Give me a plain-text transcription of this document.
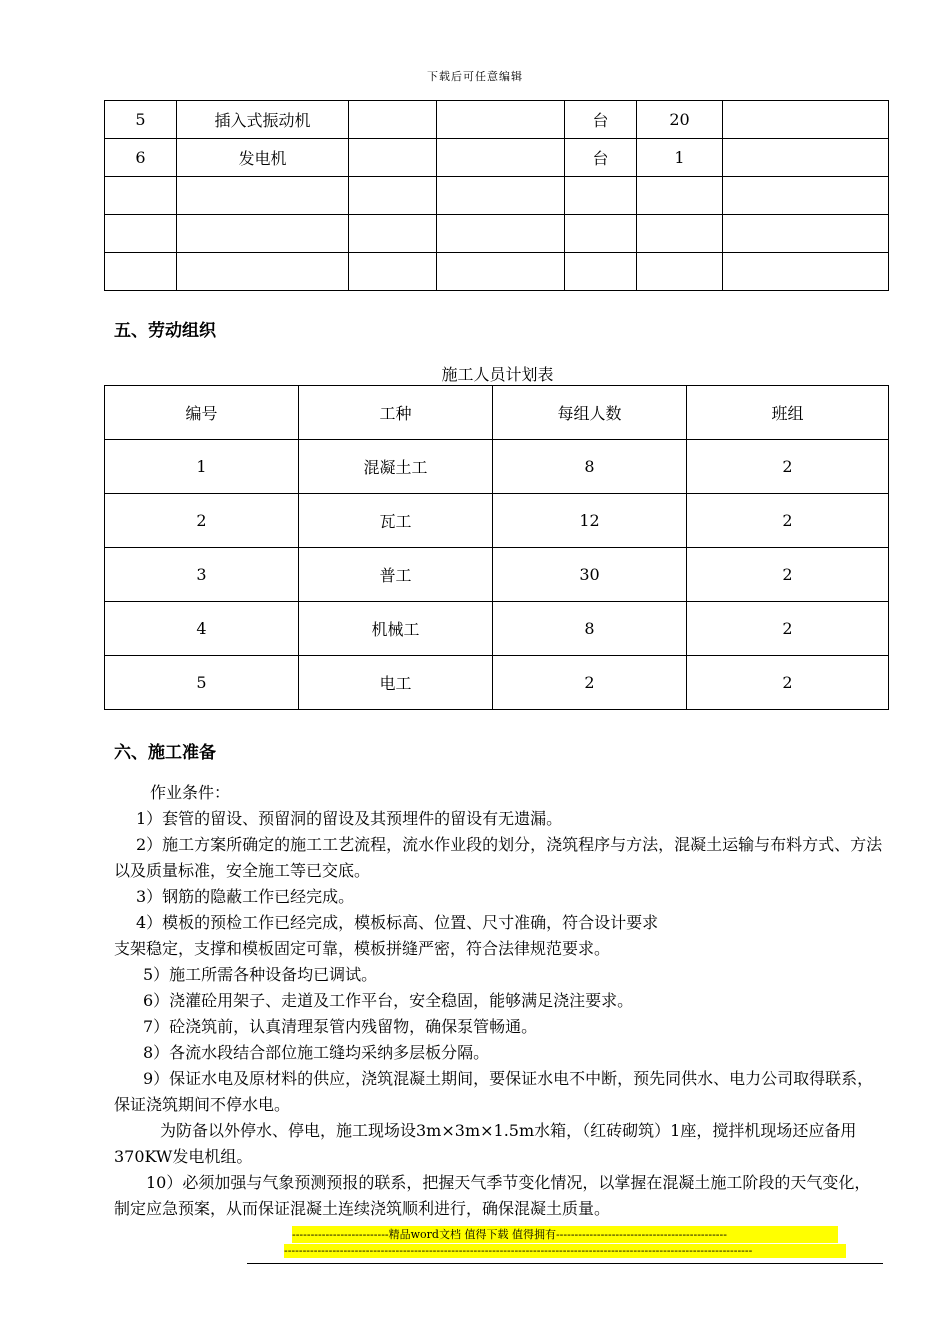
下载后可任意编辑
5	插入式振动机			台	20	
6	发电机			台	1	

五、劳动组织
施工人员计划表
编号	工种	每组人数	班组
1	混凝土工	8	2
2	瓦工	12	2
3	普工	30	2
4	机械工	8	2
5	电工	2	2
六、施工准备

作业条件：

1）套管的留设、预留洞的留设及其预埋件的留设有无遗漏。

2）施工方案所确定的施工工艺流程，流水作业段的划分，浇筑程序与方法，混凝土运输与布料方式、方法以及质量标准，安全施工等已交底。

3）钢筋的隐蔽工作已经完成。

4）模板的预检工作已经完成，模板标高、位置、尺寸准确，符合设计要求

支架稳定，支撑和模板固定可靠，模板拼缝严密，符合法律规范要求。

5）施工所需各种设备均已调试。

6）浇灌砼用架子、走道及工作平台，安全稳固，能够满足浇注要求。

7）砼浇筑前，认真清理泵管内残留物，确保泵管畅通。

8）各流水段结合部位施工缝均采纳多层板分隔。

9）保证水电及原材料的供应，浇筑混凝土期间，要保证水电不中断，预先同供水、电力公司取得联系，保证浇筑期间不停水电。

为防备以外停水、停电，施工现场设3m×3m×1.5m水箱，（红砖砌筑）1座，搅拌机现场还应备用370KW发电机组。

10）必须加强与气象预测预报的联系，把握天气季节变化情况，以掌握在混凝土施工阶段的天气变化，制定应急预案，从而保证混凝土连续浇筑顺利进行，确保混凝土质量。

--------------------------精品word文档 值得下载 值得拥有----------------------------------------------
------------------------------------------------------------------------------------------------------------------------------
